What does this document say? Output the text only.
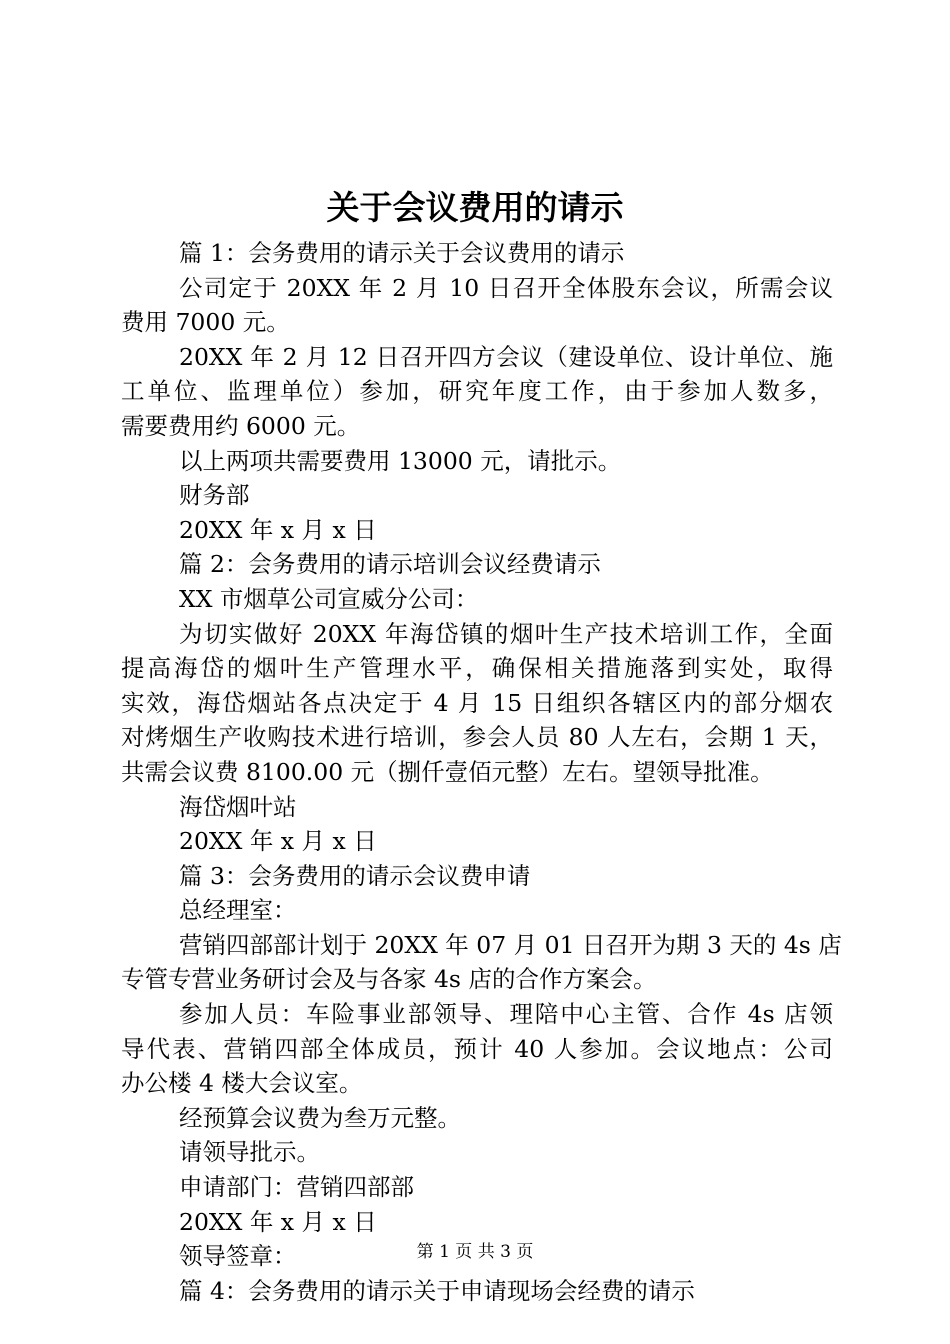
关于会议费用的请示
篇 1：会务费用的请示关于会议费用的请示
公司定于 20XX 年 2 月 10 日召开全体股东会议，所需会议
费用 7000 元。
20XX 年 2 月 12 日召开四方会议（建设单位、设计单位、施
工单位、监理单位）参加，研究年度工作，由于参加人数多，
需要费用约 6000 元。
以上两项共需要费用 13000 元，请批示。
财务部
20XX 年 x 月 x 日
篇 2：会务费用的请示培训会议经费请示
XX 市烟草公司宣威分公司：
为切实做好 20XX 年海岱镇的烟叶生产技术培训工作，全面
提高海岱的烟叶生产管理水平，确保相关措施落到实处，取得
实效，海岱烟站各点决定于 4 月 15 日组织各辖区内的部分烟农
对烤烟生产收购技术进行培训，参会人员 80 人左右，会期 1 天，
共需会议费 8100.00 元（捌仟壹佰元整）左右。望领导批准。
海岱烟叶站
20XX 年 x 月 x 日
篇 3：会务费用的请示会议费申请
总经理室：
营销四部部计划于 20XX 年 07 月 01 日召开为期 3 天的 4s 店
专管专营业务研讨会及与各家 4s 店的合作方案会。
参加人员：车险事业部领导、理陪中心主管、合作 4s 店领
导代表、营销四部全体成员，预计 40 人参加。会议地点：公司
办公楼 4 楼大会议室。
经预算会议费为叁万元整。
请领导批示。
申请部门：营销四部部
20XX 年 x 月 x 日
领导签章：
篇 4：会务费用的请示关于申请现场会经费的请示
第 1 页 共 3 页
